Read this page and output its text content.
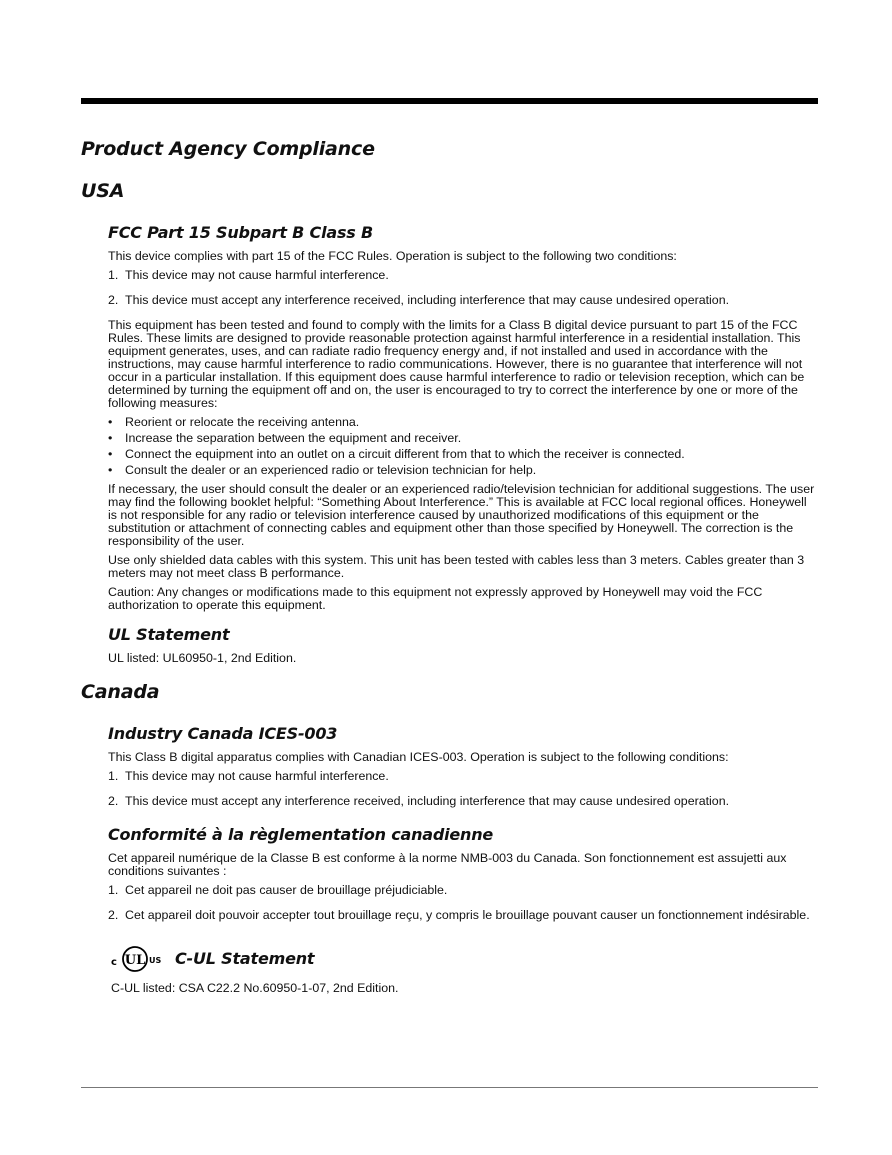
Product Agency Compliance
USA
FCC Part 15 Subpart B Class B

This device complies with part 15 of the FCC Rules. Operation is subject to the following two conditions:

1. This device may not cause harmful interference.
2. This device must accept any interference received, including interference that may cause undesired operation.

This equipment has been tested and found to comply with the limits for a Class B digital device pursuant to part 15 of the FCC Rules. These limits are designed to provide reasonable protection against harmful interference in a residential installation. This equipment generates, uses, and can radiate radio frequency energy and, if not installed and used in accordance with the instructions, may cause harmful interference to radio communications. However, there is no guarantee that interference will not occur in a particular installation. If this equipment does cause harmful interference to radio or television reception, which can be determined by turning the equipment off and on, the user is encouraged to try to correct the interference by one or more of the following measures:

• Reorient or relocate the receiving antenna.
• Increase the separation between the equipment and receiver.
• Connect the equipment into an outlet on a circuit different from that to which the receiver is connected.
• Consult the dealer or an experienced radio or television technician for help.

If necessary, the user should consult the dealer or an experienced radio/television technician for additional suggestions. The user may find the following booklet helpful: “Something About Interference.” This is available at FCC local regional offices. Honeywell is not responsible for any radio or television interference caused by unauthorized modifications of this equipment or the substitution or attachment of connecting cables and equipment other than those specified by Honeywell. The correction is the responsibility of the user.

Use only shielded data cables with this system. This unit has been tested with cables less than 3 meters. Cables greater than 3 meters may not meet class B performance.

Caution: Any changes or modifications made to this equipment not expressly approved by Honeywell may void the FCC authorization to operate this equipment.

UL Statement

UL listed: UL60950-1, 2nd Edition.

Canada
Industry Canada ICES-003

This Class B digital apparatus complies with Canadian ICES-003. Operation is subject to the following conditions:

1. This device may not cause harmful interference.
2. This device must accept any interference received, including interference that may cause undesired operation.
Conformité à la règlementation canadienne

Cet appareil numérique de la Classe B est conforme à la norme NMB-003 du Canada. Son fonctionnement est assujetti aux conditions suivantes :

1. Cet appareil ne doit pas causer de brouillage préjudiciable.
2. Cet appareil doit pouvoir accepter tout brouillage reçu, y compris le brouillage pouvant causer un fonctionnement indésirable.
c UL US C-UL Statement
C-UL listed: CSA C22.2 No.60950-1-07, 2nd Edition.
